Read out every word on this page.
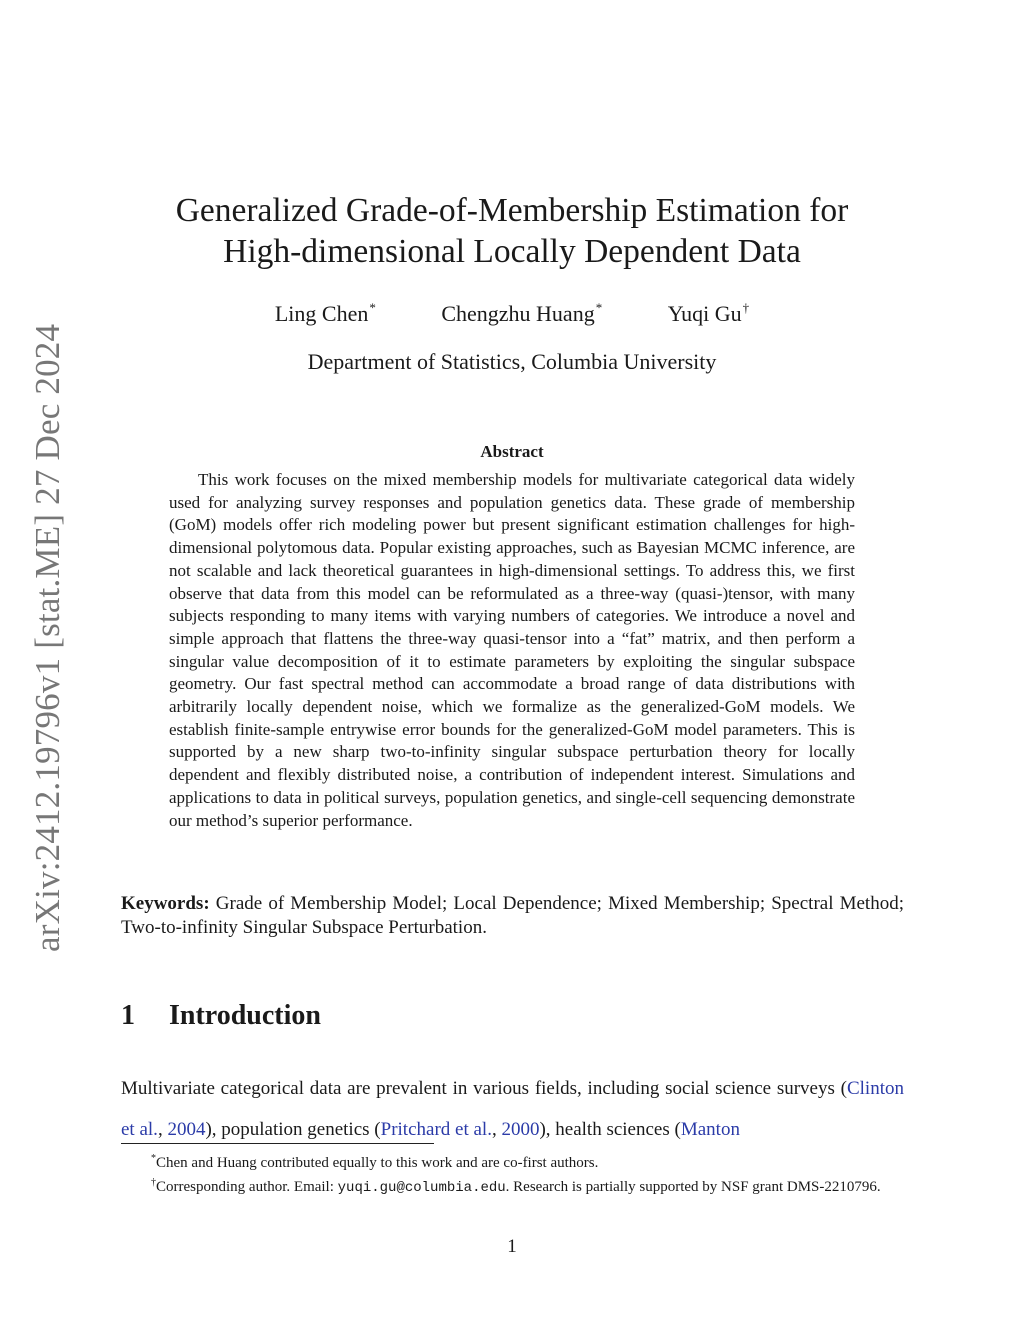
arXiv:2412.19796v1 [stat.ME] 27 Dec 2024
Generalized Grade-of-Membership Estimation for
High-dimensional Locally Dependent Data
Ling Chen*	Chengzhu Huang*	Yuqi Gu†
Department of Statistics, Columbia University
Abstract

This work focuses on the mixed membership models for multivariate categorical data widely used for analyzing survey responses and population genetics data. These grade of membership (GoM) models offer rich modeling power but present significant estimation challenges for high-dimensional polytomous data. Popular existing approaches, such as Bayesian MCMC inference, are not scalable and lack theoretical guarantees in high-dimensional settings. To address this, we first observe that data from this model can be reformulated as a three-way (quasi-)tensor, with many subjects responding to many items with varying numbers of categories. We introduce a novel and simple approach that flattens the three-way quasi-tensor into a “fat” matrix, and then perform a singular value decomposition of it to estimate parameters by exploiting the singular subspace geometry. Our fast spectral method can accommodate a broad range of data distributions with arbitrarily locally dependent noise, which we formalize as the generalized-GoM models. We establish finite-sample entrywise error bounds for the generalized-GoM model parameters. This is supported by a new sharp two-to-infinity singular subspace perturbation theory for locally dependent and flexibly distributed noise, a contribution of independent interest. Simulations and applications to data in political surveys, population genetics, and single-cell sequencing demonstrate our method’s superior performance.

Keywords: Grade of Membership Model; Local Dependence; Mixed Membership; Spectral Method; Two-to-infinity Singular Subspace Perturbation.

1 Introduction

Multivariate categorical data are prevalent in various fields, including social science surveys (Clinton et al., 2004), population genetics (Pritchard et al., 2000), health sciences (Manton

*Chen and Huang contributed equally to this work and are co-first authors.

†Corresponding author. Email: yuqi.gu@columbia.edu. Research is partially supported by NSF grant DMS-2210796.

1
